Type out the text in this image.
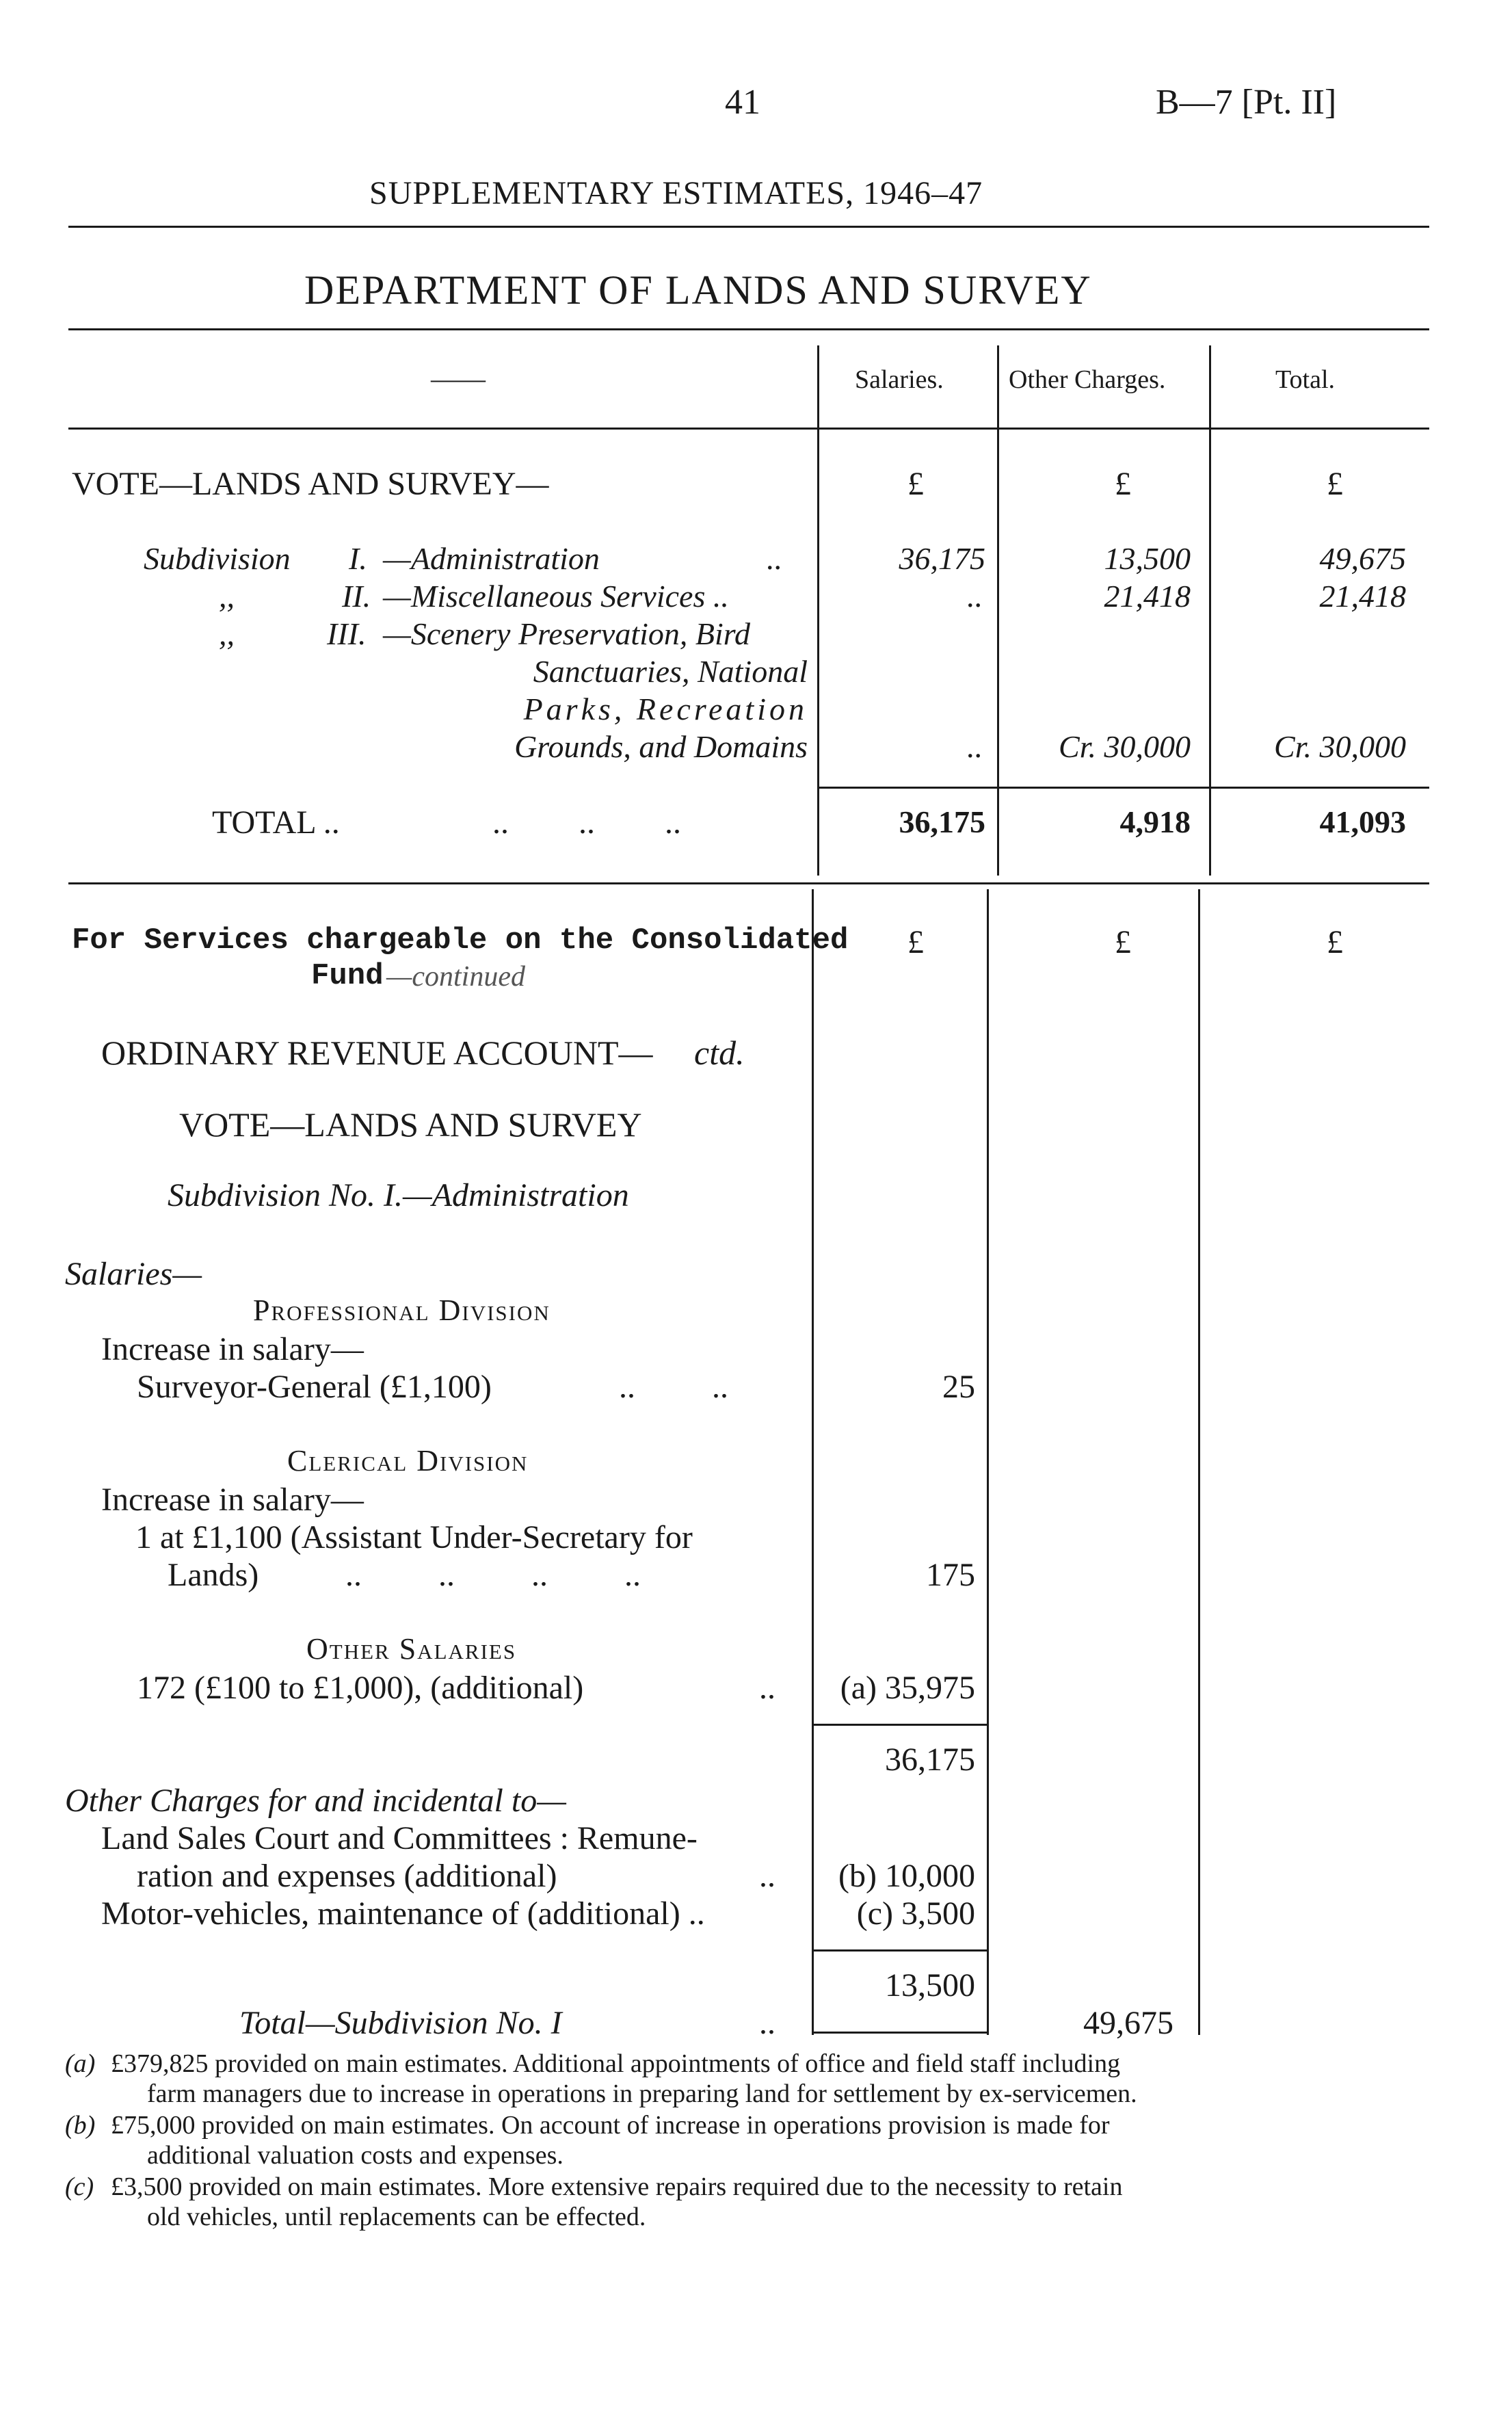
41	B—7 [Pt. II]
SUPPLEMENTARY ESTIMATES, 1946–47
DEPARTMENT OF LANDS AND SURVEY
——	Salaries.	Other Charges.	Total.
VOTE—LANDS AND SURVEY—	£	£	£
Subdivision I. —Administration	..	36,175	13,500	49,675
,,	II. —Miscellaneous Services ..	..	21,418	21,418
,,	III. —Scenery Preservation, Bird
Sanctuaries, National
Parks, Recreation
Grounds, and Domains	.. Cr. 30,000	Cr. 30,000
TOTAL ..	.. .. ..	36,175	4,918	41,093
For Services chargeable on the Consolidated
Fund —continued
£	£	£
ORDINARY REVENUE ACCOUNT— ctd.
VOTE—LANDS AND SURVEY
Subdivision No. I.—Administration
Salaries—
Professional Division
Increase in salary—
Surveyor-General (£1,100)	.. ..	25
Clerical Division
Increase in salary—
1 at £1,100 (Assistant Under-Secretary for
Lands)	.. .. .. ..	175
Other Salaries
172 (£100 to £1,000), (additional)	.. (a) 35,975
36,175
Other Charges for and incidental to—
Land Sales Court and Committees : Remune-
ration and expenses (additional)	.. (b) 10,000
Motor-vehicles, maintenance of (additional) ..	(c) 3,500
13,500
Total—Subdivision No. I	..	49,675
(a) £379,825 provided on main estimates. Additional appointments of office and field staff including
farm managers due to increase in operations in preparing land for settlement by ex-servicemen.
(b) £75,000 provided on main estimates. On account of increase in operations provision is made for
additional valuation costs and expenses.
(c) £3,500 provided on main estimates. More extensive repairs required due to the necessity to retain
old vehicles, until replacements can be effected.
